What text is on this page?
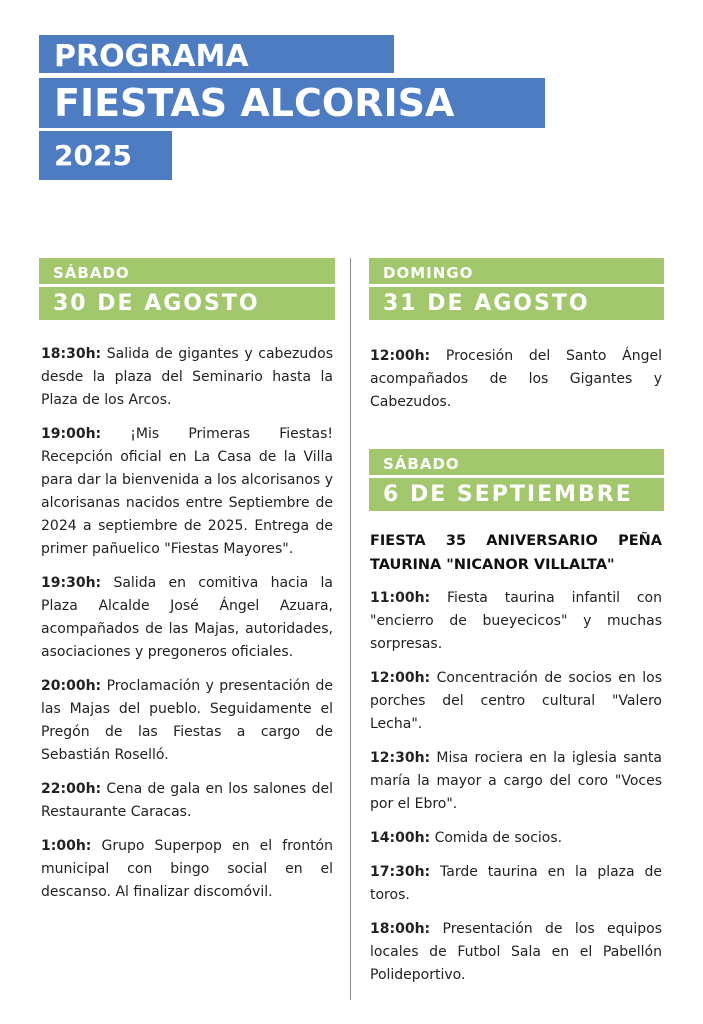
PROGRAMA
FIESTAS ALCORISA
2025
SÁBADO
30 DE AGOSTO

18:30h: Salida de gigantes y cabezudos desde la plaza del Seminario hasta la Plaza de los Arcos.

19:00h: ¡Mis Primeras Fiestas! Recepción oficial en La Casa de la Villa para dar la bienvenida a los alcorisanos y alcorisanas nacidos entre Septiembre de 2024 a septiembre de 2025. Entrega de primer pañuelico "Fiestas Mayores".

19:30h: Salida en comitiva hacia la Plaza Alcalde José Ángel Azuara, acompañados de las Majas, autoridades, asociaciones y pregoneros oficiales.

20:00h: Proclamación y presentación de las Majas del pueblo. Seguidamente el Pregón de las Fiestas a cargo de Sebastián Roselló.

22:00h: Cena de gala en los salones del Restaurante Caracas.

1:00h: Grupo Superpop en el frontón municipal con bingo social en el descanso. Al finalizar discomóvil.

DOMINGO
31 DE AGOSTO

12:00h: Procesión del Santo Ángel acompañados de los Gigantes y Cabezudos.

SÁBADO
6 DE SEPTIEMBRE

FIESTA 35 ANIVERSARIO PEÑA TAURINA "NICANOR VILLALTA"

11:00h: Fiesta taurina infantil con "encierro de bueyecicos" y muchas sorpresas.

12:00h: Concentración de socios en los porches del centro cultural "Valero Lecha".

12:30h: Misa rociera en la iglesia santa maría la mayor a cargo del coro "Voces por el Ebro".

14:00h: Comida de socios.

17:30h: Tarde taurina en la plaza de toros.

18:00h: Presentación de los equipos locales de Futbol Sala en el Pabellón Polideportivo.
